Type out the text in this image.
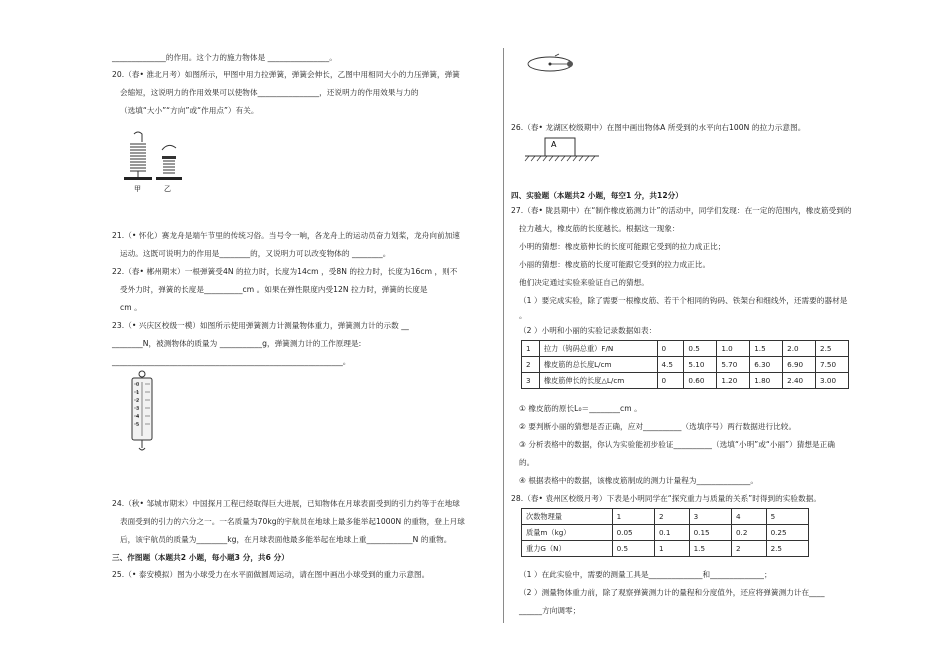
______________的作用。这个力的施力物体是 ________________。
20.（春• 淮北月考）如图所示，甲图中用力拉弹簧，弹簧会伸长，乙图中用相同大小的力压弹簧，弹簧
会缩短，这说明力的作用效果可以使物体________________，还说明力的作用效果与力的
（选填“大小”“方向”或“作用点”）有关。
甲	乙
21.（• 怀化）赛龙舟是端午节里的传统习俗。当号令一响，各龙舟上的运动员奋力划桨，龙舟向前加速
运动。这既可说明力的作用是________的，又说明力可以改变物体的 ________。
22.（春• 郴州期末）一根弹簧受4N 的拉力时，长度为14cm ，受8N 的拉力时，长度为16cm ，则不
受外力时，弹簧的长度是__________cm 。如果在弹性限度内受12N 拉力时，弹簧的长度是
cm 。
23.（• 兴庆区校级一模）如图所示使用弹簧测力计测量物体重力，弹簧测力计的示数 __
________N，被测物体的质量为 ___________g，弹簧测力计的工作原理是:
____________________________________________________________。
0
1
2
3
4
5
24.（秋• 邹城市期末）中国探月工程已经取得巨大进展，已知物体在月球表面受到的引力约等于在地球
表面受到的引力的六分之一。一名质量为70kg的宇航员在地球上最多能举起1000N 的重物，登上月球
后，该宇航员的质量为________kg，在月球表面他最多能举起在地球上重____________N 的重物。
三、作图题（本题共2 小题，每小题3 分，共6 分）
25.（• 泰安模拟）图为小球受力在水平面做圆周运动，请在图中画出小球受到的重力示意图。
26.（春• 龙湖区校级期中）在图中画出物体A 所受到的水平向右100N 的拉力示意图。
A
四、实验题（本题共2 小题，每空1 分，共12分）
27.（春• 陇县期中）在“制作橡皮筋测力计”的活动中，同学们发现：在一定的范围内，橡皮筋受到的
拉力越大，橡皮筋的长度越长。根据这一现象：
小明的猜想：橡皮筋伸长的长度可能跟它受到的拉力成正比；
小丽的猜想：橡皮筋的长度可能跟它受到的拉力成正比。
他们决定通过实验来验证自己的猜想。
（1 ）要完成实验，除了需要一根橡皮筋、若干个相同的钩码、铁架台和细线外，还需要的器材是
。
（2 ）小明和小丽的实验记录数据如表：
1	拉力（钩码总重）F/N	0	0.5	1.0	1.5	2.0	2.5
2	橡皮筋的总长度L/cm	4.5	5.10	5.70	6.30	6.90	7.50
3	橡皮筋伸长的长度△L/cm	0	0.60	1.20	1.80	2.40	3.00
① 橡皮筋的原长L₀＝________cm 。
② 要判断小丽的猜想是否正确，应对__________（选填序号）两行数据进行比较。
③ 分析表格中的数据，你认为实验能初步验证__________（选填“小明”或“小丽”）猜想是正确
的。
④ 根据表格中的数据，该橡皮筋制成的测力计量程为______________。
28.（春• 袁州区校级月考）下表是小明同学在“探究重力与质量的关系”时得到的实验数据。
次数物理量	1	2	3	4	5
质量m（kg）	0.05	0.1	0.15	0.2	0.25
重力G（N）	0.5	1	1.5	2	2.5
（1 ）在此实验中，需要的测量工具是______________和______________；
（2 ）测量物体重力前，除了观察弹簧测力计的量程和分度值外，还应将弹簧测力计在____
______方向调零；
